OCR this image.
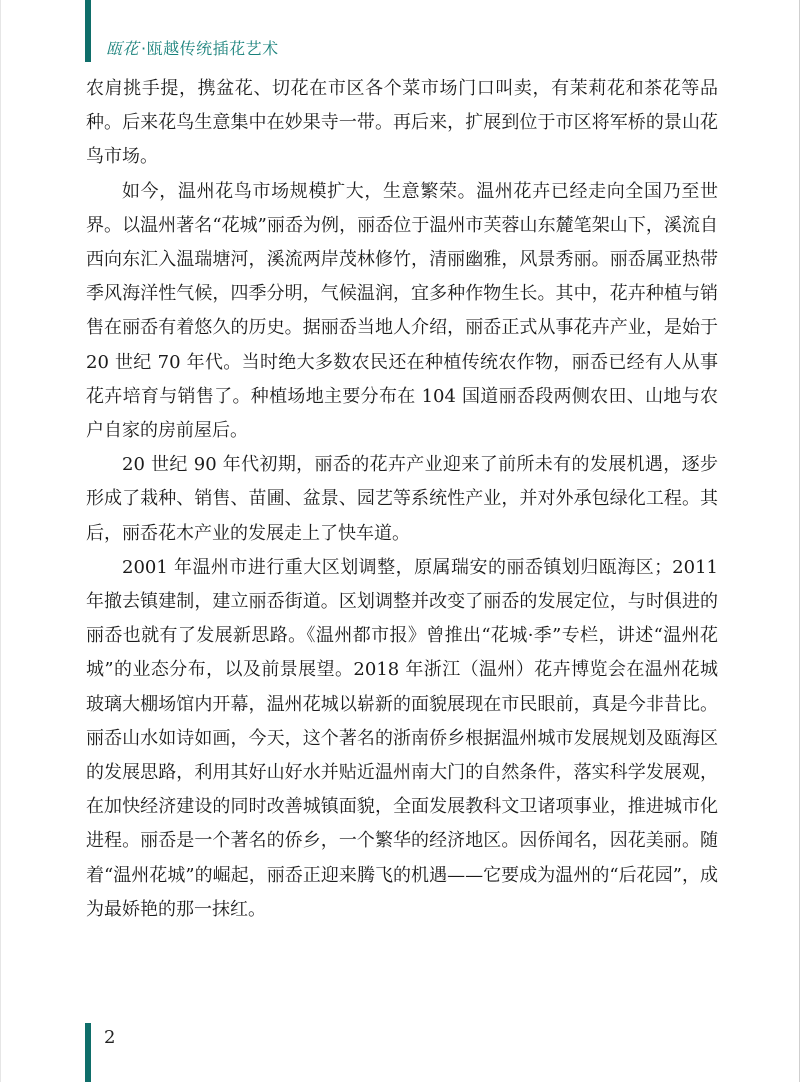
瓯花 ·瓯越传统插花艺术

农肩挑手提，携盆花、切花在市区各个菜市场门口叫卖，有茉莉花和茶花等品种。后来花鸟生意集中在妙果寺一带。再后来，扩展到位于市区将军桥的景山花鸟市场。

如今，温州花鸟市场规模扩大，生意繁荣。温州花卉已经走向全国乃至世界。以温州著名“花城”丽岙为例，丽岙位于温州市芙蓉山东麓笔架山下，溪流自西向东汇入温瑞塘河，溪流两岸茂林修竹，清丽幽雅，风景秀丽。丽岙属亚热带季风海洋性气候，四季分明，气候温润，宜多种作物生长。其中，花卉种植与销售在丽岙有着悠久的历史。据丽岙当地人介绍，丽岙正式从事花卉产业，是始于 20 世纪 70 年代。当时绝大多数农民还在种植传统农作物，丽岙已经有人从事花卉培育与销售了。种植场地主要分布在 104 国道丽岙段两侧农田、山地与农户自家的房前屋后。

20 世纪 90 年代初期，丽岙的花卉产业迎来了前所未有的发展机遇，逐步形成了栽种、销售、苗圃、盆景、园艺等系统性产业，并对外承包绿化工程。其后，丽岙花木产业的发展走上了快车道。

2001 年温州市进行重大区划调整，原属瑞安的丽岙镇划归瓯海区；2011 年撤去镇建制，建立丽岙街道。区划调整并改变了丽岙的发展定位，与时俱进的丽岙也就有了发展新思路。《温州都市报》曾推出“花城·季”专栏，讲述“温州花城”的业态分布，以及前景展望。2018 年浙江（温州）花卉博览会在温州花城玻璃大棚场馆内开幕，温州花城以崭新的面貌展现在市民眼前，真是今非昔比。丽岙山水如诗如画，今天，这个著名的浙南侨乡根据温州城市发展规划及瓯海区的发展思路，利用其好山好水并贴近温州南大门的自然条件，落实科学发展观，在加快经济建设的同时改善城镇面貌，全面发展教科文卫诸项事业，推进城市化进程。丽岙是一个著名的侨乡，一个繁华的经济地区。因侨闻名，因花美丽。随着“温州花城”的崛起，丽岙正迎来腾飞的机遇——它要成为温州的“后花园”，成为最娇艳的那一抹红。

2
